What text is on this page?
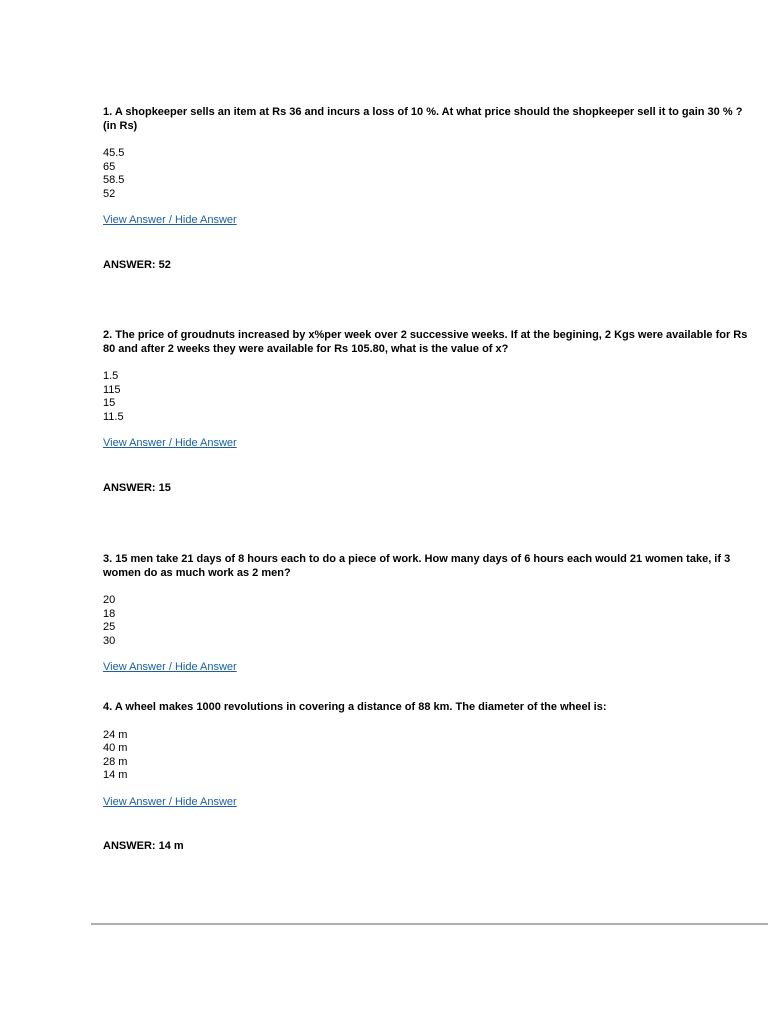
1. A shopkeeper sells an item at Rs 36 and incurs a loss of 10 %. At what price should the shopkeeper sell it to gain 30 % ? (in Rs)

45.5
65
58.5
52
View Answer / Hide Answer
ANSWER: 52

2. The price of groudnuts increased by x%per week over 2 successive weeks. If at the begining, 2 Kgs were available for Rs 80 and after 2 weeks they were available for Rs 105.80, what is the value of x?

1.5
115
15
11.5
View Answer / Hide Answer
ANSWER: 15

3. 15 men take 21 days of 8 hours each to do a piece of work. How many days of 6 hours each would 21 women take, if 3 women do as much work as 2 men?

20
18
25
30
View Answer / Hide Answer

4. A wheel makes 1000 revolutions in covering a distance of 88 km. The diameter of the wheel is:

24 m
40 m
28 m
14 m
View Answer / Hide Answer
ANSWER: 14 m
